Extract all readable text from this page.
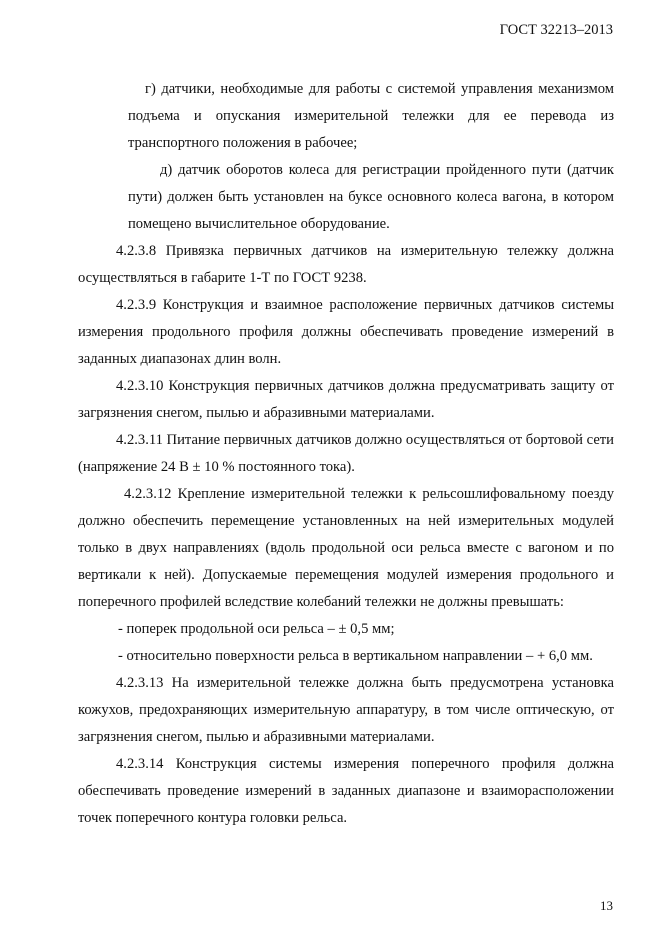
ГОСТ 32213–2013

г) датчики, необходимые для работы с системой управления механизмом подъема и опускания измерительной тележки для ее перевода из транспортного положения в рабочее;

д) датчик оборотов колеса для регистрации пройденного пути (датчик пути) должен быть установлен на буксе основного колеса вагона, в котором помещено вычислительное оборудование.

4.2.3.8 Привязка первичных датчиков на измерительную тележку должна осуществляться в габарите 1-Т по ГОСТ 9238.

4.2.3.9 Конструкция и взаимное расположение первичных датчиков системы измерения продольного профиля должны обеспечивать проведение измерений в заданных диапазонах длин волн.

4.2.3.10 Конструкция первичных датчиков должна предусматривать защиту от загрязнения снегом, пылью и абразивными материалами.

4.2.3.11 Питание первичных датчиков должно осуществляться от бортовой сети (напряжение 24 В ± 10 % постоянного тока).

4.2.3.12 Крепление измерительной тележки к рельсошлифовальному поезду должно обеспечить перемещение установленных на ней измерительных модулей только в двух направлениях (вдоль продольной оси рельса вместе с вагоном и по вертикали к ней). Допускаемые перемещения модулей измерения продольного и поперечного профилей вследствие колебаний тележки не должны превышать:

- поперек продольной оси рельса – ± 0,5 мм;

- относительно поверхности рельса в вертикальном направлении – + 6,0 мм.

4.2.3.13 На измерительной тележке должна быть предусмотрена установка кожухов, предохраняющих измерительную аппаратуру, в том числе оптическую, от загрязнения снегом, пылью и абразивными материалами.

4.2.3.14 Конструкция системы измерения поперечного профиля должна обеспечивать проведение измерений в заданных диапазоне и взаиморасположении точек поперечного контура головки рельса.

13
